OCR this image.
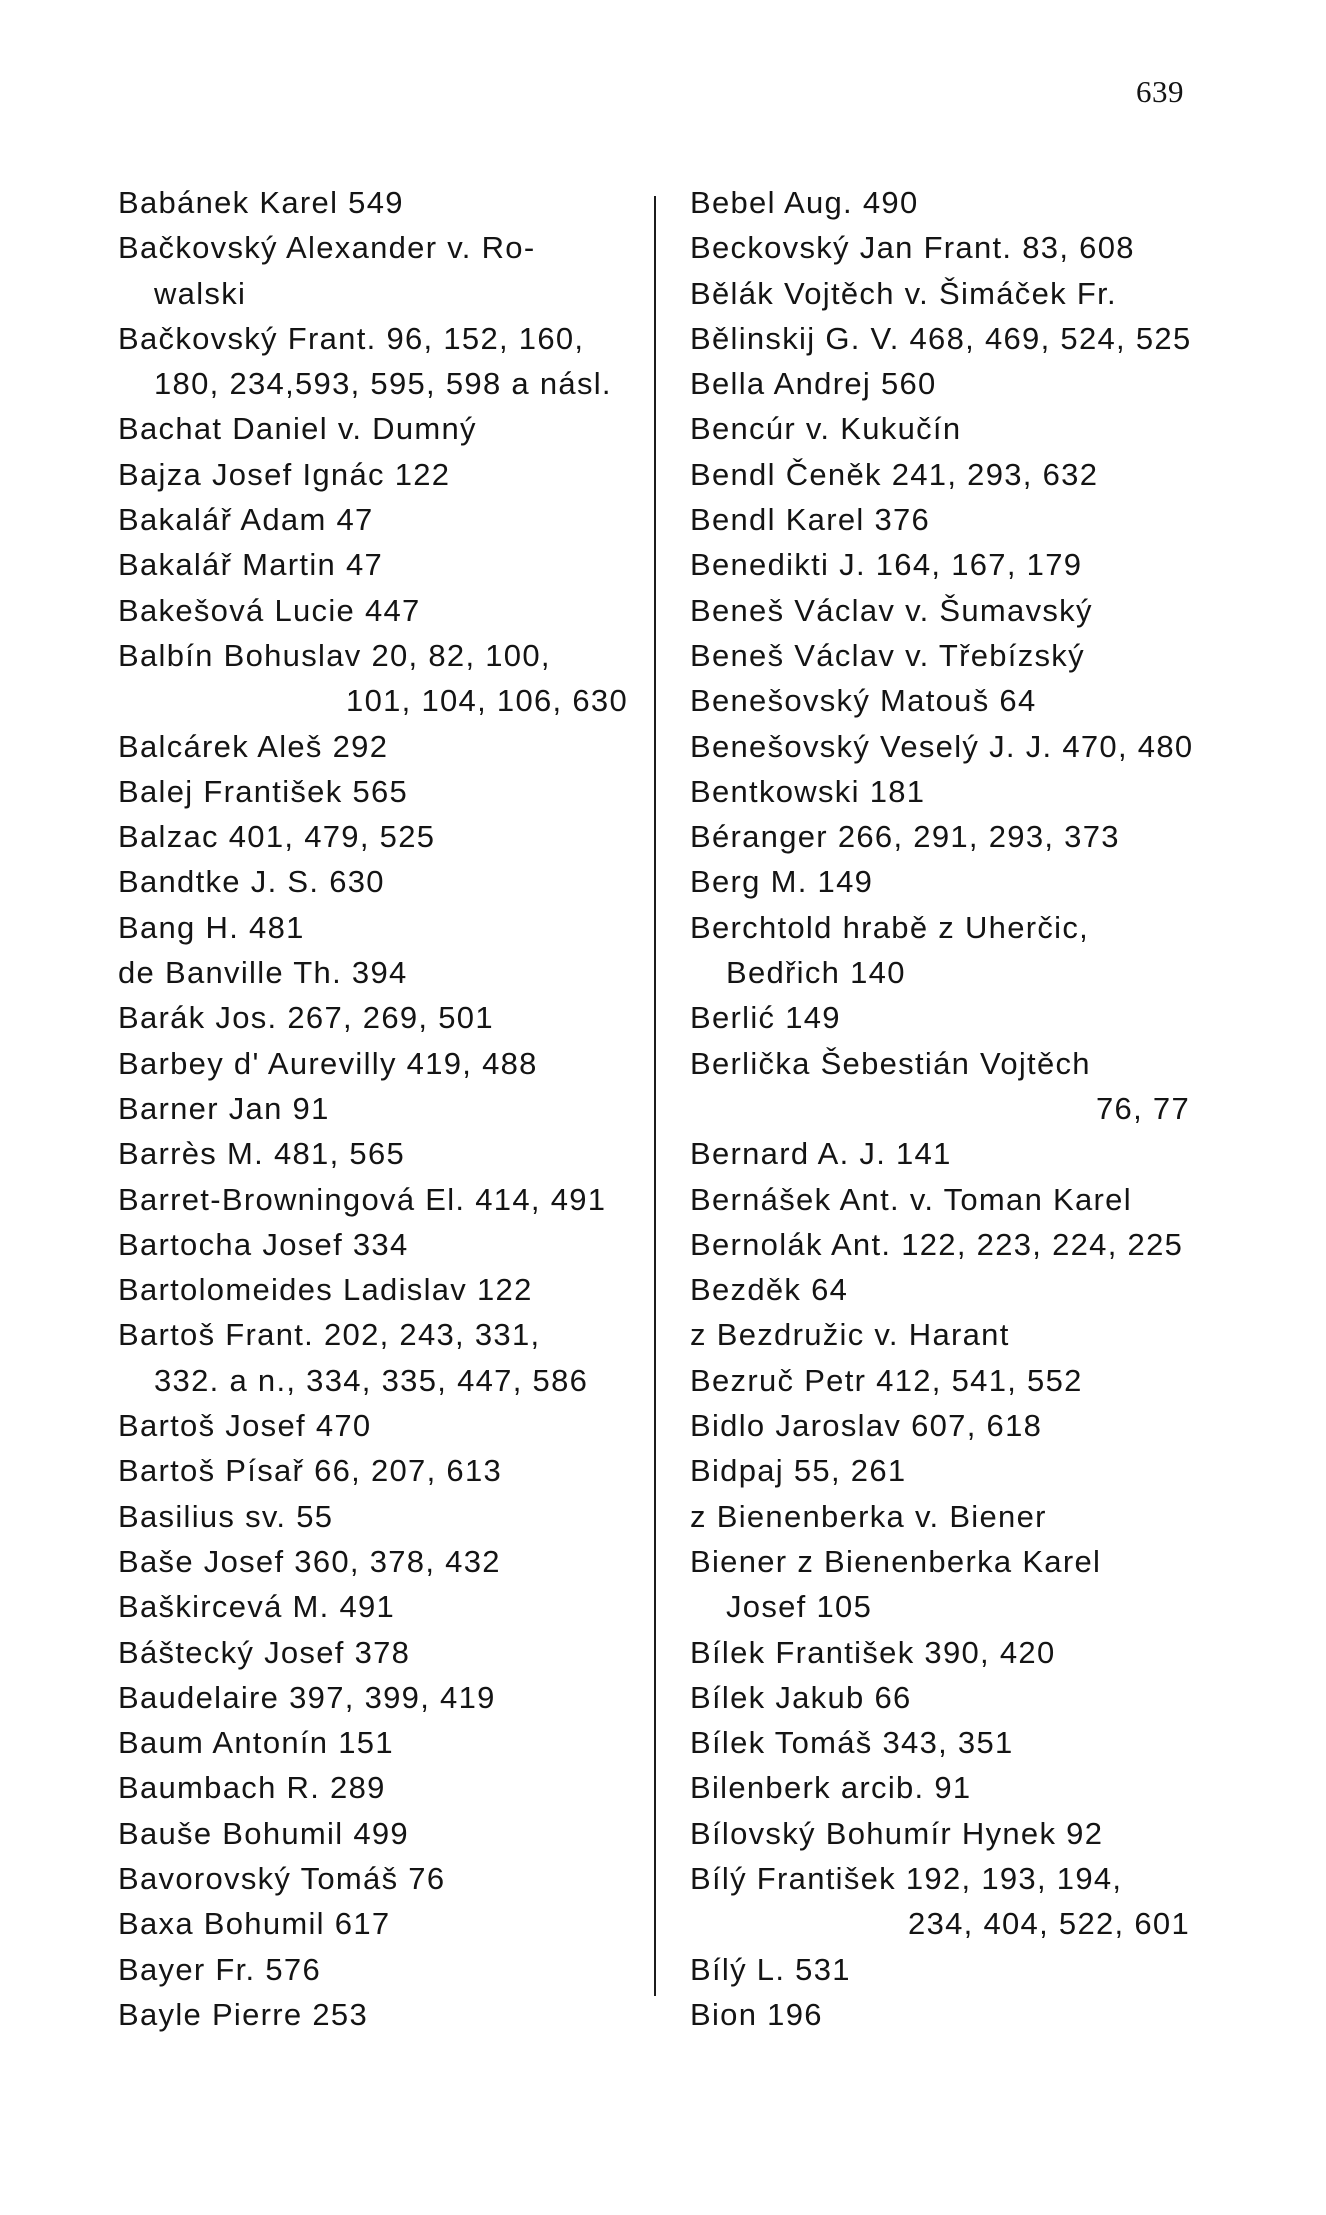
639
Babánek Karel 549
Bačkovský Alexander v. Ro-
walski
Bačkovský Frant. 96, 152, 160,
180, 234,593, 595, 598 a násl.
Bachat Daniel v. Dumný
Bajza Josef Ignác 122
Bakalář Adam 47
Bakalář Martin 47
Bakešová Lucie 447
Balbín Bohuslav 20, 82, 100,
101, 104, 106, 630
Balcárek Aleš 292
Balej František 565
Balzac 401, 479, 525
Bandtke J. S. 630
Bang H. 481
de Banville Th. 394
Barák Jos. 267, 269, 501
Barbey d' Aurevilly 419, 488
Barner Jan 91
Barrès M. 481, 565
Barret-Browningová El. 414, 491
Bartocha Josef 334
Bartolomeides Ladislav 122
Bartoš Frant. 202, 243, 331,
332. a n., 334, 335, 447, 586
Bartoš Josef 470
Bartoš Písař 66, 207, 613
Basilius sv. 55
Baše Josef 360, 378, 432
Baškircevá M. 491
Báštecký Josef 378
Baudelaire 397, 399, 419
Baum Antonín 151
Baumbach R. 289
Bauše Bohumil 499
Bavorovský Tomáš 76
Baxa Bohumil 617
Bayer Fr. 576
Bayle Pierre 253
Bebel Aug. 490
Beckovský Jan Frant. 83, 608
Bělák Vojtěch v. Šimáček Fr.
Bělinskij G. V. 468, 469, 524, 525
Bella Andrej 560
Bencúr v. Kukučín
Bendl Čeněk 241, 293, 632
Bendl Karel 376
Benedikti J. 164, 167, 179
Beneš Václav v. Šumavský
Beneš Václav v. Třebízský
Benešovský Matouš 64
Benešovský Veselý J. J. 470, 480
Bentkowski 181
Béranger 266, 291, 293, 373
Berg M. 149
Berchtold hrabě z Uherčic,
Bedřich 140
Berlić 149
Berlička Šebestián Vojtěch
76, 77
Bernard A. J. 141
Bernášek Ant. v. Toman Karel
Bernolák Ant. 122, 223, 224, 225
Bezděk 64
z Bezdružic v. Harant
Bezruč Petr 412, 541, 552
Bidlo Jaroslav 607, 618
Bidpaj 55, 261
z Bienenberka v. Biener
Biener z Bienenberka Karel
Josef 105
Bílek František 390, 420
Bílek Jakub 66
Bílek Tomáš 343, 351
Bilenberk arcib. 91
Bílovský Bohumír Hynek 92
Bílý František 192, 193, 194,
234, 404, 522, 601
Bílý L. 531
Bion 196
